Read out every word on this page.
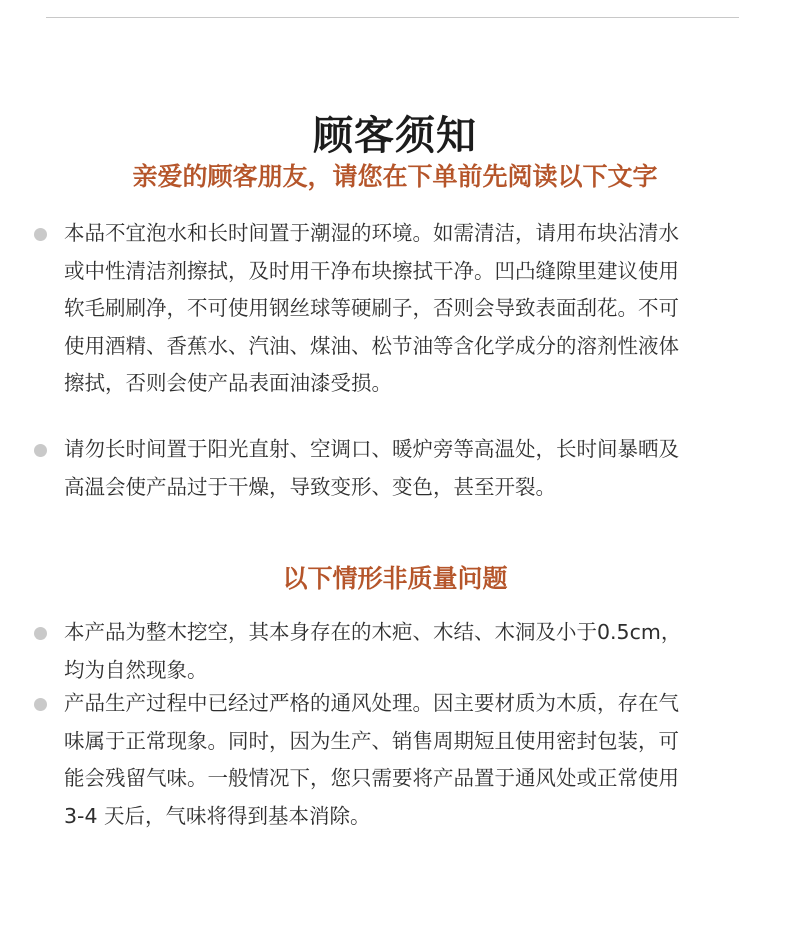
顾客须知
亲爱的顾客朋友，请您在下单前先阅读以下文字

本品不宜泡水和长时间置于潮湿的环境。如需清洁，请用布块沾清水
或中性清洁剂擦拭，及时用干净布块擦拭干净。凹凸缝隙里建议使用
软毛刷刷净，不可使用钢丝球等硬刷子，否则会导致表面刮花。不可
使用酒精、香蕉水、汽油、煤油、松节油等含化学成分的溶剂性液体
擦拭，否则会使产品表面油漆受损。

请勿长时间置于阳光直射、空调口、暖炉旁等高温处，长时间暴晒及
高温会使产品过于干燥，导致变形、变色，甚至开裂。

以下情形非质量问题

本产品为整木挖空，其本身存在的木疤、木结、木洞及小于0.5cm，
均为自然现象。

产品生产过程中已经过严格的通风处理。因主要材质为木质，存在气
味属于正常现象。同时，因为生产、销售周期短且使用密封包装，可
能会残留气味。一般情况下，您只需要将产品置于通风处或正常使用
3-4 天后，气味将得到基本消除。
